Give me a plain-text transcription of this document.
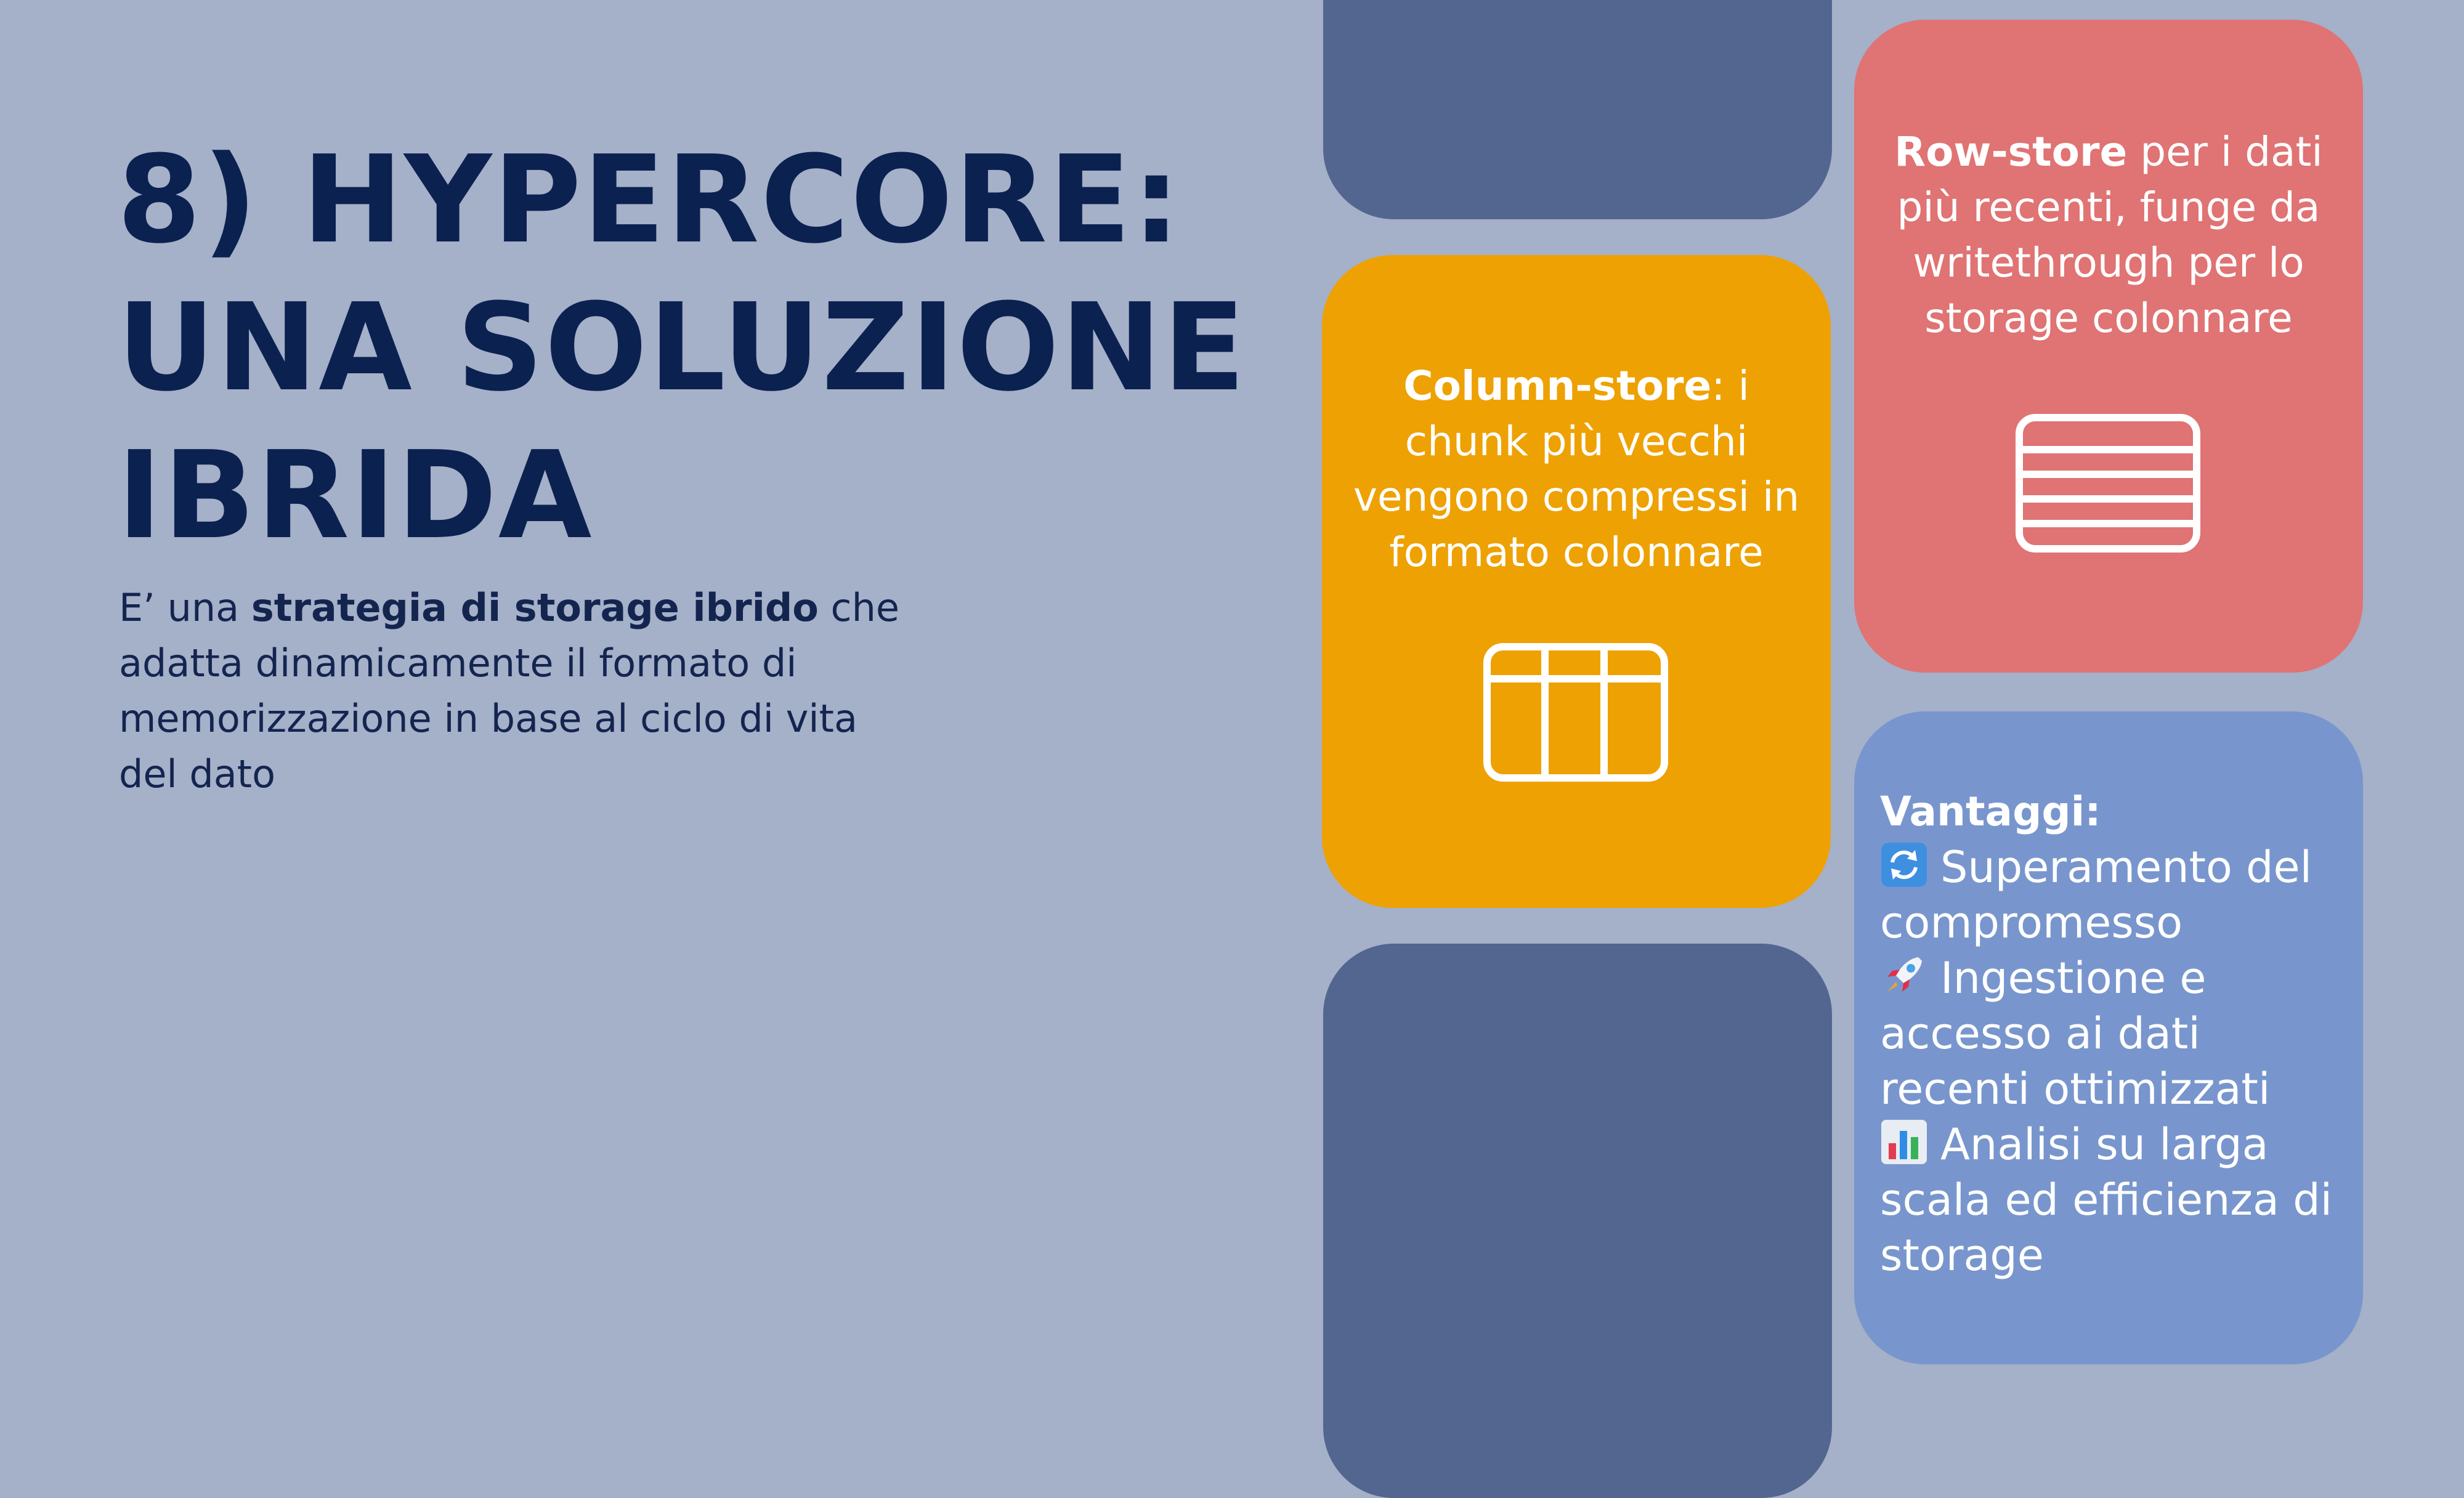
8) HYPERCORE:
UNA SOLUZIONE
IBRIDA

E’ una strategia di storage ibrido che adatta dinamicamente il formato di memorizzazione in base al ciclo di vita del dato

Column-store: i chunk più vecchi vengono compressi in formato colonnare
Row-store per i dati più recenti, funge da writethrough per lo storage colonnare
Vantaggi:
Superamento del compromesso
Ingestione e accesso ai dati recenti ottimizzati
Analisi su larga scala ed efficienza di storage
